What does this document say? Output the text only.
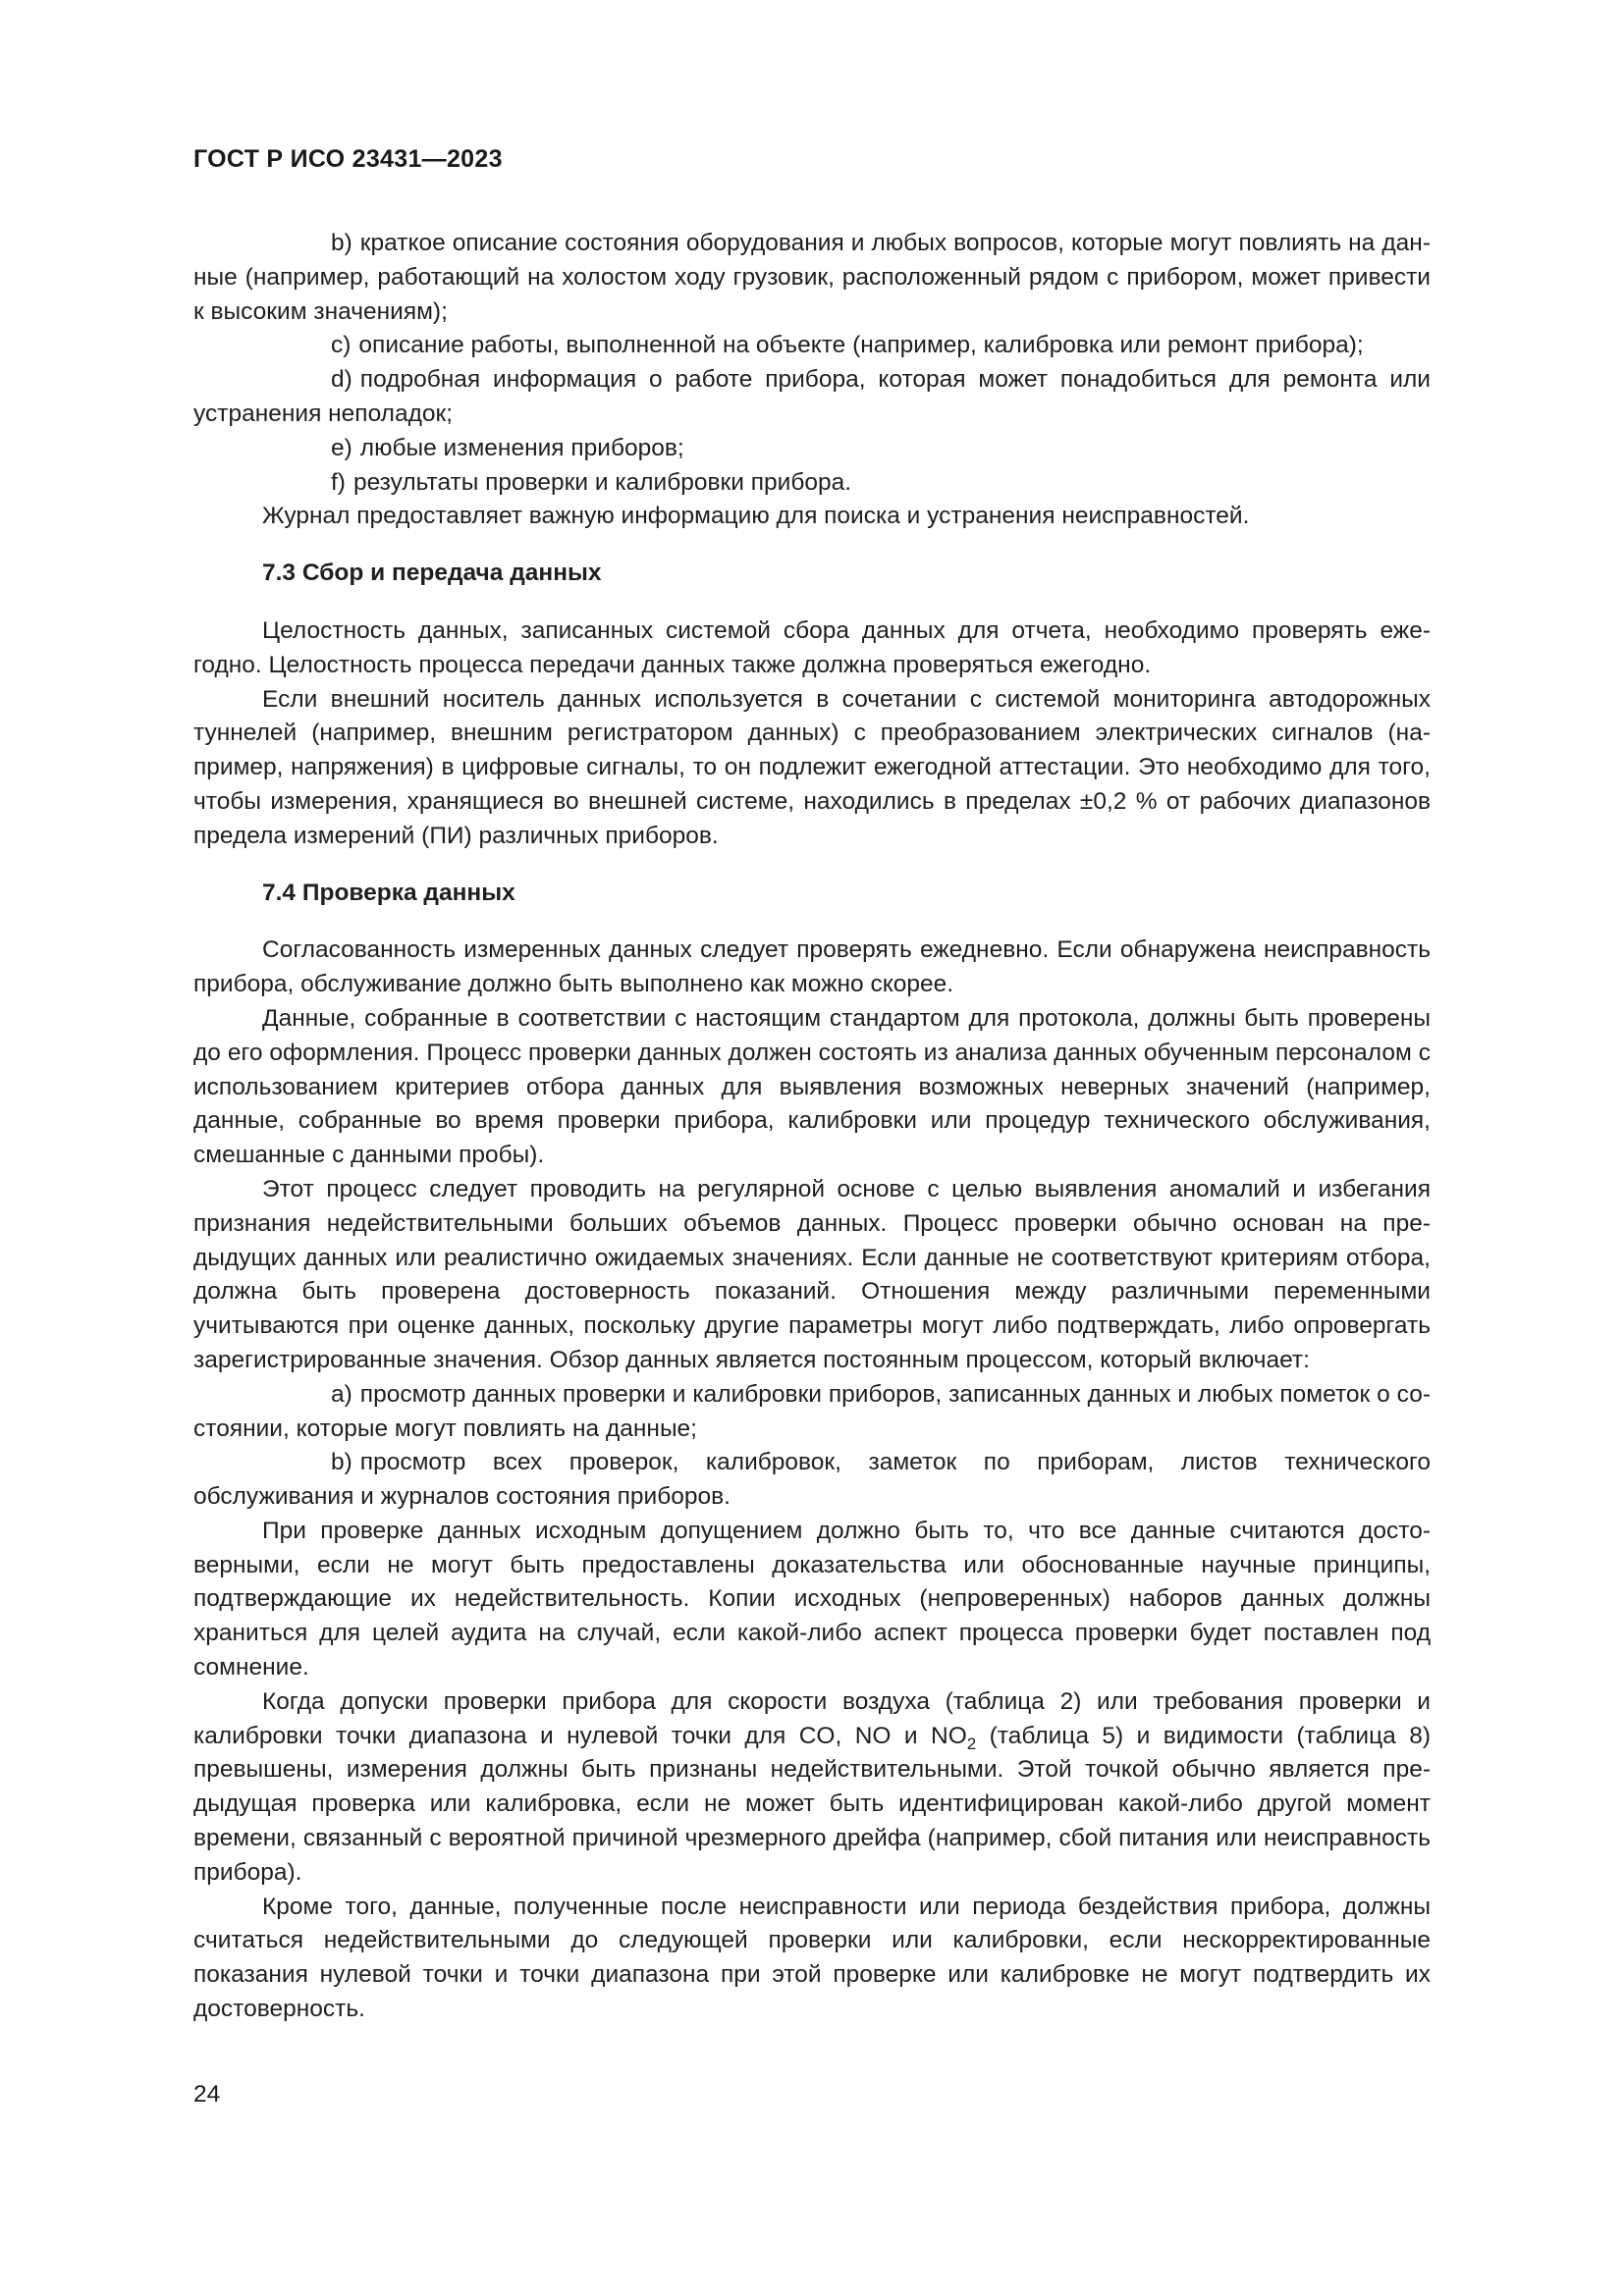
ГОСТ Р ИСО 23431—2023

b) краткое описание состояния оборудования и любых вопросов, которые могут повлиять на данные (например, работающий на холостом ходу грузовик, расположенный рядом с прибором, может привести к высоким значениям);

c) описание работы, выполненной на объекте (например, калибровка или ремонт прибора);

d) подробная информация о работе прибора, которая может понадобиться для ремонта или устранения неполадок;

e) любые изменения приборов;

f) результаты проверки и калибровки прибора.

Журнал предоставляет важную информацию для поиска и устранения неисправностей.

7.3 Сбор и передача данных

Целостность данных, записанных системой сбора данных для отчета, необходимо проверять ежегодно. Целостность процесса передачи данных также должна проверяться ежегодно.

Если внешний носитель данных используется в сочетании с системой мониторинга автодорожных туннелей (например, внешним регистратором данных) с преобразованием электрических сигналов (например, напряжения) в цифровые сигналы, то он подлежит ежегодной аттестации. Это необходимо для того, чтобы измерения, хранящиеся во внешней системе, находились в пределах ±0,2 % от рабочих диапазонов предела измерений (ПИ) различных приборов.

7.4 Проверка данных

Согласованность измеренных данных следует проверять ежедневно. Если обнаружена неисправность прибора, обслуживание должно быть выполнено как можно скорее.

Данные, собранные в соответствии с настоящим стандартом для протокола, должны быть проверены до его оформления. Процесс проверки данных должен состоять из анализа данных обученным персоналом с использованием критериев отбора данных для выявления возможных неверных значений (например, данные, собранные во время проверки прибора, калибровки или процедур технического обслуживания, смешанные с данными пробы).

Этот процесс следует проводить на регулярной основе с целью выявления аномалий и избегания признания недействительными больших объемов данных. Процесс проверки обычно основан на предыдущих данных или реалистично ожидаемых значениях. Если данные не соответствуют критериям отбора, должна быть проверена достоверность показаний. Отношения между различными переменными учитываются при оценке данных, поскольку другие параметры могут либо подтверждать, либо опровергать зарегистрированные значения. Обзор данных является постоянным процессом, который включает:

a) просмотр данных проверки и калибровки приборов, записанных данных и любых пометок о состоянии, которые могут повлиять на данные;

b) просмотр всех проверок, калибровок, заметок по приборам, листов технического обслуживания и журналов состояния приборов.

При проверке данных исходным допущением должно быть то, что все данные считаются достоверными, если не могут быть предоставлены доказательства или обоснованные научные принципы, подтверждающие их недействительность. Копии исходных (непроверенных) наборов данных должны храниться для целей аудита на случай, если какой-либо аспект процесса проверки будет поставлен под сомнение.

Когда допуски проверки прибора для скорости воздуха (таблица 2) или требования проверки и калибровки точки диапазона и нулевой точки для CO, NO и $NO_2$ (таблица 5) и видимости (таблица 8) превышены, измерения должны быть признаны недействительными. Этой точкой обычно является предыдущая проверка или калибровка, если не может быть идентифицирован какой-либо другой момент времени, связанный с вероятной причиной чрезмерного дрейфа (например, сбой питания или неисправность прибора).

Кроме того, данные, полученные после неисправности или периода бездействия прибора, должны считаться недействительными до следующей проверки или калибровки, если нескорректированные показания нулевой точки и точки диапазона при этой проверке или калибровке не могут подтвердить их достоверность.

24
